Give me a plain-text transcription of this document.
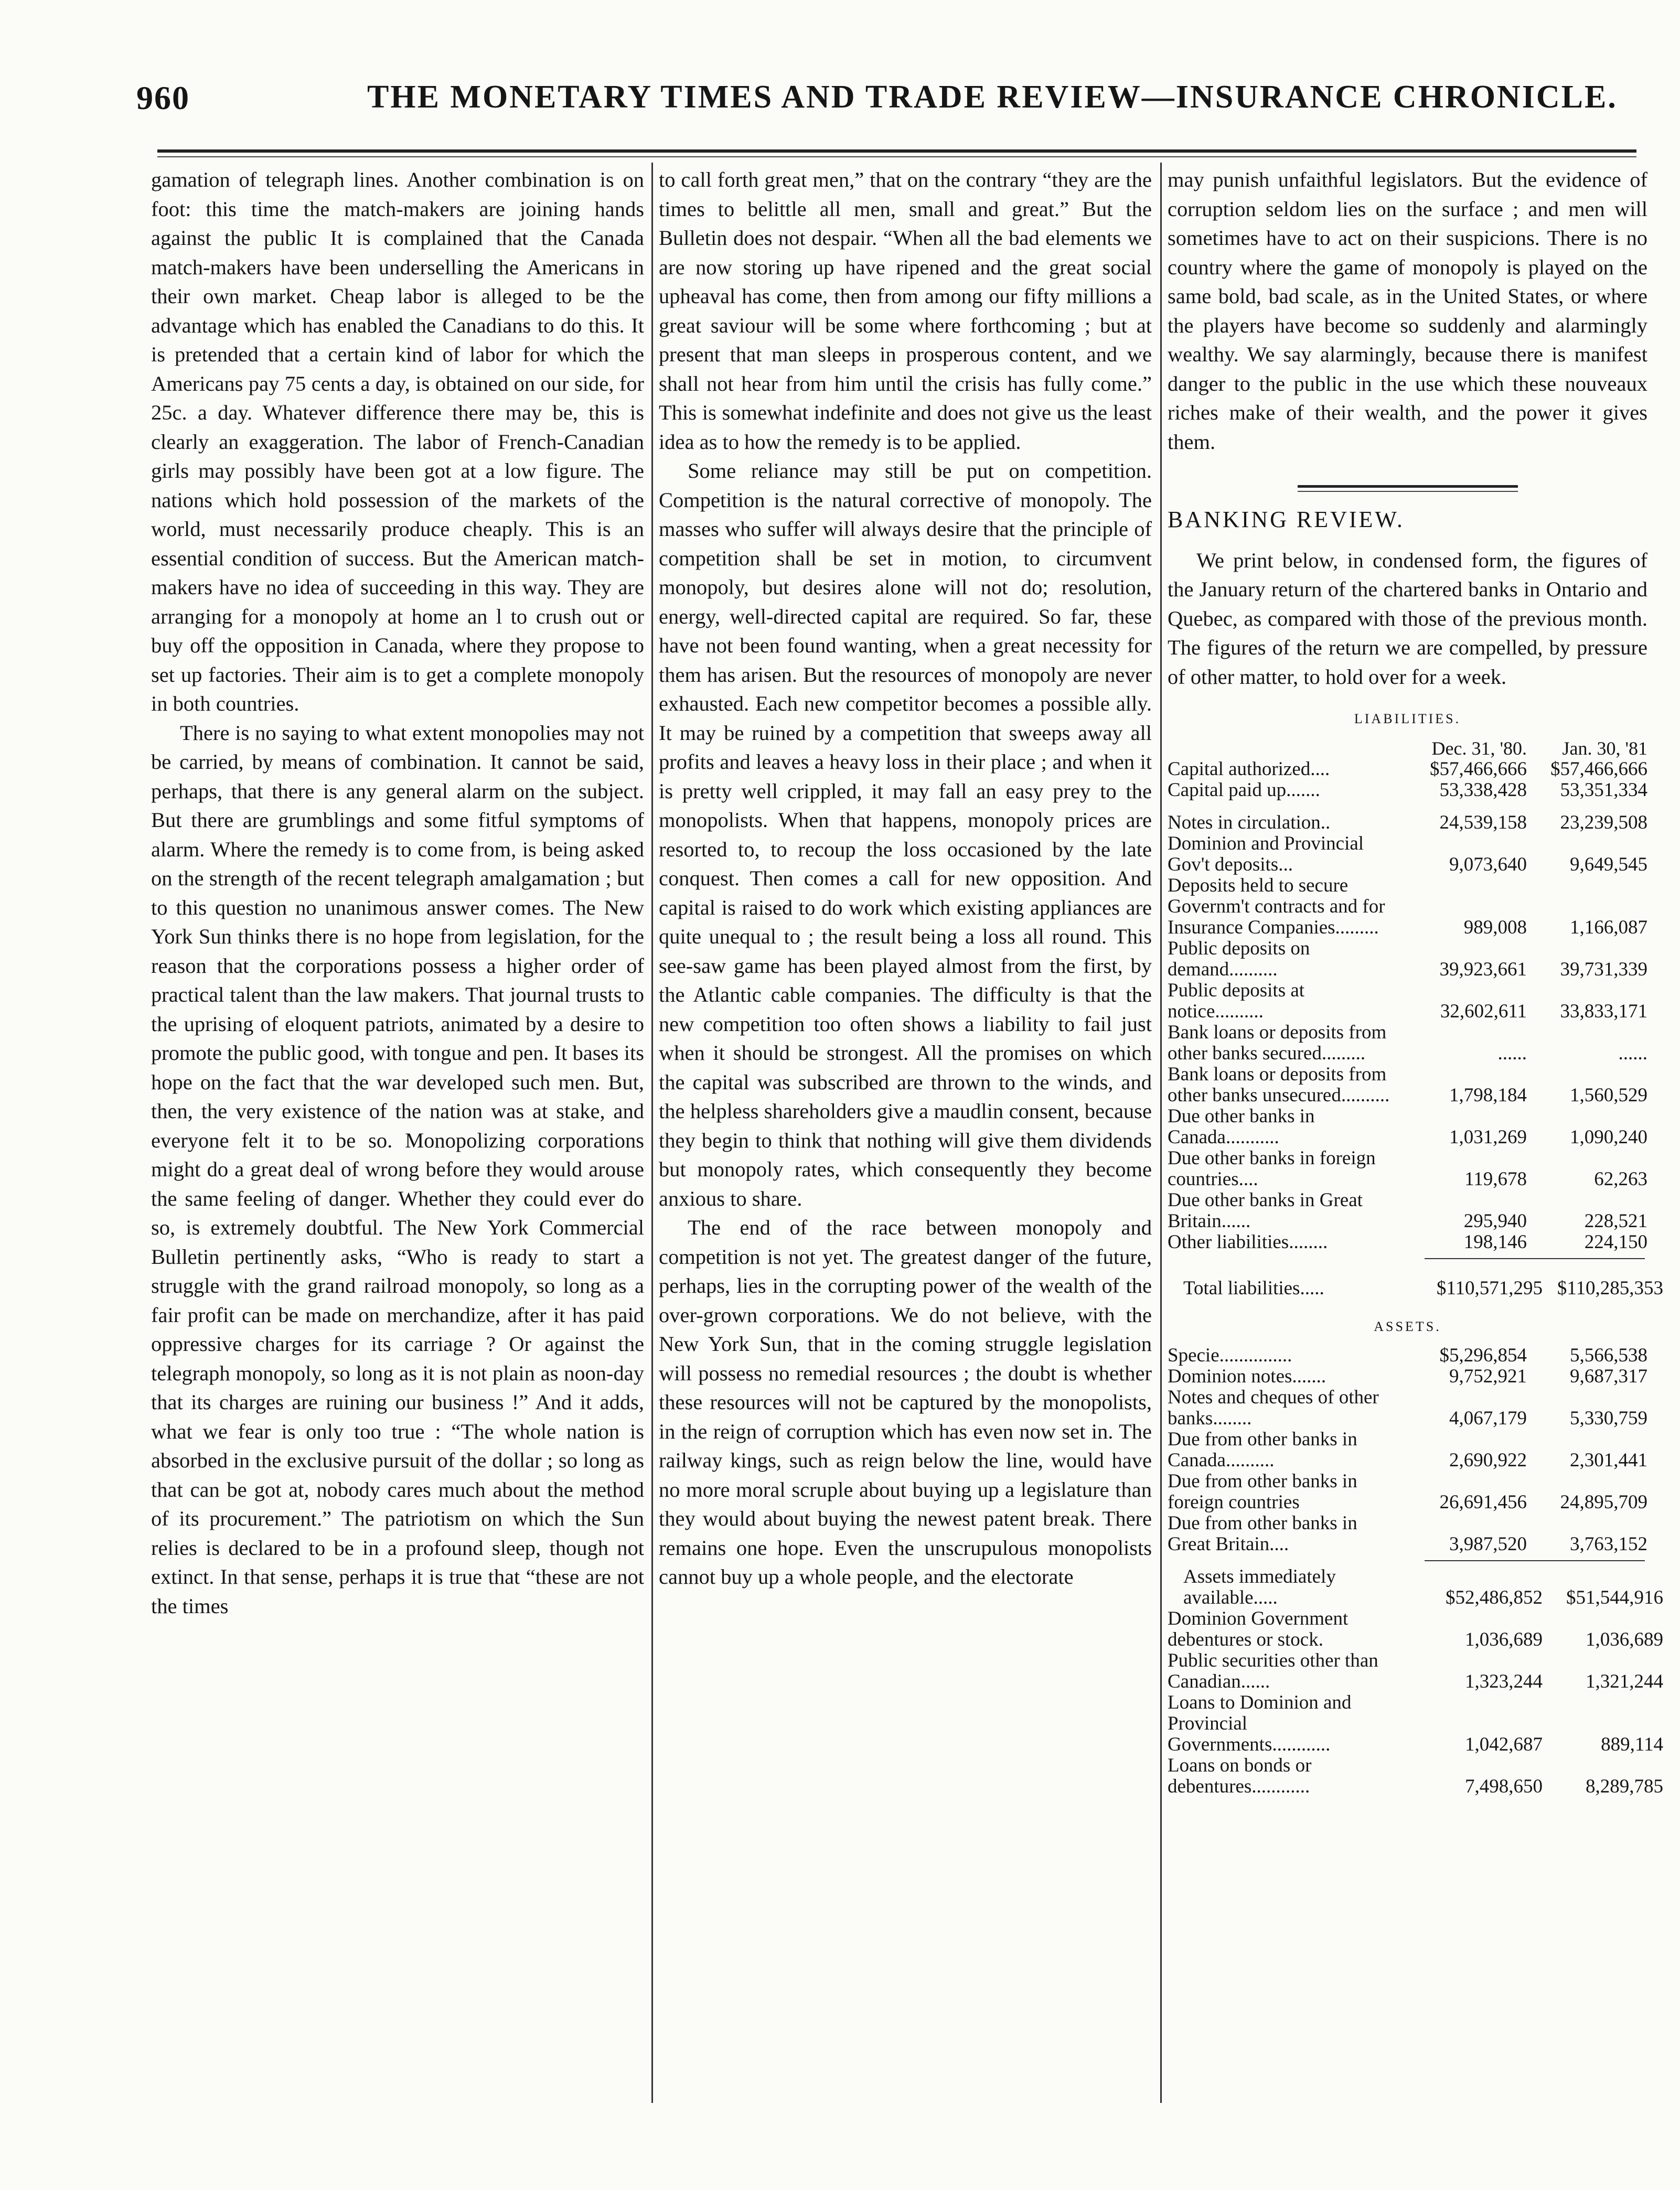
960	THE MONETARY TIMES AND TRADE REVIEW—INSURANCE CHRONICLE.

gamation of telegraph lines. Another combination is on foot: this time the match-makers are joining hands against the public It is complained that the Canada match-makers have been underselling the Americans in their own market. Cheap labor is alleged to be the advantage which has enabled the Canadians to do this. It is pretended that a certain kind of labor for which the Americans pay 75 cents a day, is obtained on our side, for 25c. a day. Whatever difference there may be, this is clearly an exaggeration. The labor of French-Canadian girls may possibly have been got at a low figure. The nations which hold possession of the markets of the world, must necessarily produce cheaply. This is an essential condition of success. But the American match-makers have no idea of succeeding in this way. They are arranging for a monopoly at home an l to crush out or buy off the opposition in Canada, where they propose to set up factories. Their aim is to get a complete monopoly in both countries.

There is no saying to what extent monopolies may not be carried, by means of combination. It cannot be said, perhaps, that there is any general alarm on the subject. But there are grumblings and some fitful symptoms of alarm. Where the remedy is to come from, is being asked on the strength of the recent telegraph amalgamation ; but to this question no unanimous answer comes. The New York Sun thinks there is no hope from legislation, for the reason that the corporations possess a higher order of practical talent than the law makers. That journal trusts to the uprising of eloquent patriots, animated by a desire to promote the public good, with tongue and pen. It bases its hope on the fact that the war developed such men. But, then, the very existence of the nation was at stake, and everyone felt it to be so. Monopolizing corporations might do a great deal of wrong before they would arouse the same feeling of danger. Whether they could ever do so, is extremely doubtful. The New York Commercial Bulletin pertinently asks, “Who is ready to start a struggle with the grand railroad monopoly, so long as a fair profit can be made on merchandize, after it has paid oppressive charges for its carriage ? Or against the telegraph monopoly, so long as it is not plain as noon-day that its charges are ruining our business !” And it adds, what we fear is only too true : “The whole nation is absorbed in the exclusive pursuit of the dollar ; so long as that can be got at, nobody cares much about the method of its procurement.” The patriotism on which the Sun relies is declared to be in a profound sleep, though not extinct. In that sense, perhaps it is true that “these are not the times

to call forth great men,” that on the contrary “they are the times to belittle all men, small and great.” But the Bulletin does not despair. “When all the bad elements we are now storing up have ripened and the great social upheaval has come, then from among our fifty millions a great saviour will be some where forthcoming ; but at present that man sleeps in prosperous content, and we shall not hear from him until the crisis has fully come.” This is somewhat indefinite and does not give us the least idea as to how the remedy is to be applied.

Some reliance may still be put on competition. Competition is the natural corrective of monopoly. The masses who suffer will always desire that the principle of competition shall be set in motion, to circumvent monopoly, but desires alone will not do; resolution, energy, well-directed capital are required. So far, these have not been found wanting, when a great necessity for them has arisen. But the resources of monopoly are never exhausted. Each new competitor becomes a possible ally. It may be ruined by a competition that sweeps away all profits and leaves a heavy loss in their place ; and when it is pretty well crippled, it may fall an easy prey to the monopolists. When that happens, monopoly prices are resorted to, to recoup the loss occasioned by the late conquest. Then comes a call for new opposition. And capital is raised to do work which existing appliances are quite unequal to ; the result being a loss all round. This see-saw game has been played almost from the first, by the Atlantic cable companies. The difficulty is that the new competition too often shows a liability to fail just when it should be strongest. All the promises on which the capital was subscribed are thrown to the winds, and the helpless shareholders give a maudlin consent, because they begin to think that nothing will give them dividends but monopoly rates, which consequently they become anxious to share.

The end of the race between monopoly and competition is not yet. The greatest danger of the future, perhaps, lies in the corrupting power of the wealth of the over-grown corporations. We do not believe, with the New York Sun, that in the coming struggle legislation will possess no remedial resources ; the doubt is whether these resources will not be captured by the monopolists, in the reign of corruption which has even now set in. The railway kings, such as reign below the line, would have no more moral scruple about buying up a legislature than they would about buying the newest patent break. There remains one hope. Even the unscrupulous monopolists cannot buy up a whole people, and the electorate

may punish unfaithful legislators. But the evidence of corruption seldom lies on the surface ; and men will sometimes have to act on their suspicions. There is no country where the game of monopoly is played on the same bold, bad scale, as in the United States, or where the players have become so suddenly and alarmingly wealthy. We say alarmingly, because there is manifest danger to the public in the use which these nouveaux riches make of their wealth, and the power it gives them.

BANKING REVIEW.

We print below, in condensed form, the figures of the January return of the chartered banks in Ontario and Quebec, as compared with those of the previous month. The figures of the return we are compelled, by pressure of other matter, to hold over for a week.

LIABILITIES.
	Dec. 31, '80.	Jan. 30, '81
Capital authorized....	$57,466,666	$57,466,666
Capital paid up.......	53,338,428	53,351,334
Notes in circulation..	24,539,158	23,239,508
Dominion and Provincial Gov't deposits...	9,073,640	9,649,545
Deposits held to secure Governm't contracts and for Insurance Companies.........	989,008	1,166,087
Public deposits on demand..........	39,923,661	39,731,339
Public deposits at notice..........	32,602,611	33,833,171
Bank loans or deposits from other banks secured.........	......	......
Bank loans or deposits from other banks unsecured..........	1,798,184	1,560,529
Due other banks in Canada...........	1,031,269	1,090,240
Due other banks in foreign countries....	119,678	62,263
Due other banks in Great Britain......	295,940	228,521
Other liabilities........	198,146	224,150
Total liabilities.....	$110,571,295	$110,285,353
ASSETS.
Specie...............	$5,296,854	5,566,538
Dominion notes.......	9,752,921	9,687,317
Notes and cheques of other banks........	4,067,179	5,330,759
Due from other banks in Canada..........	2,690,922	2,301,441
Due from other banks in foreign countries	26,691,456	24,895,709
Due from other banks in Great Britain....	3,987,520	3,763,152
Assets immediately available.....	$52,486,852	$51,544,916
Dominion Government debentures or stock.	1,036,689	1,036,689
Public securities other than Canadian......	1,323,244	1,321,244
Loans to Dominion and Provincial Governments............	1,042,687	889,114
Loans on bonds or debentures............	7,498,650	8,289,785
